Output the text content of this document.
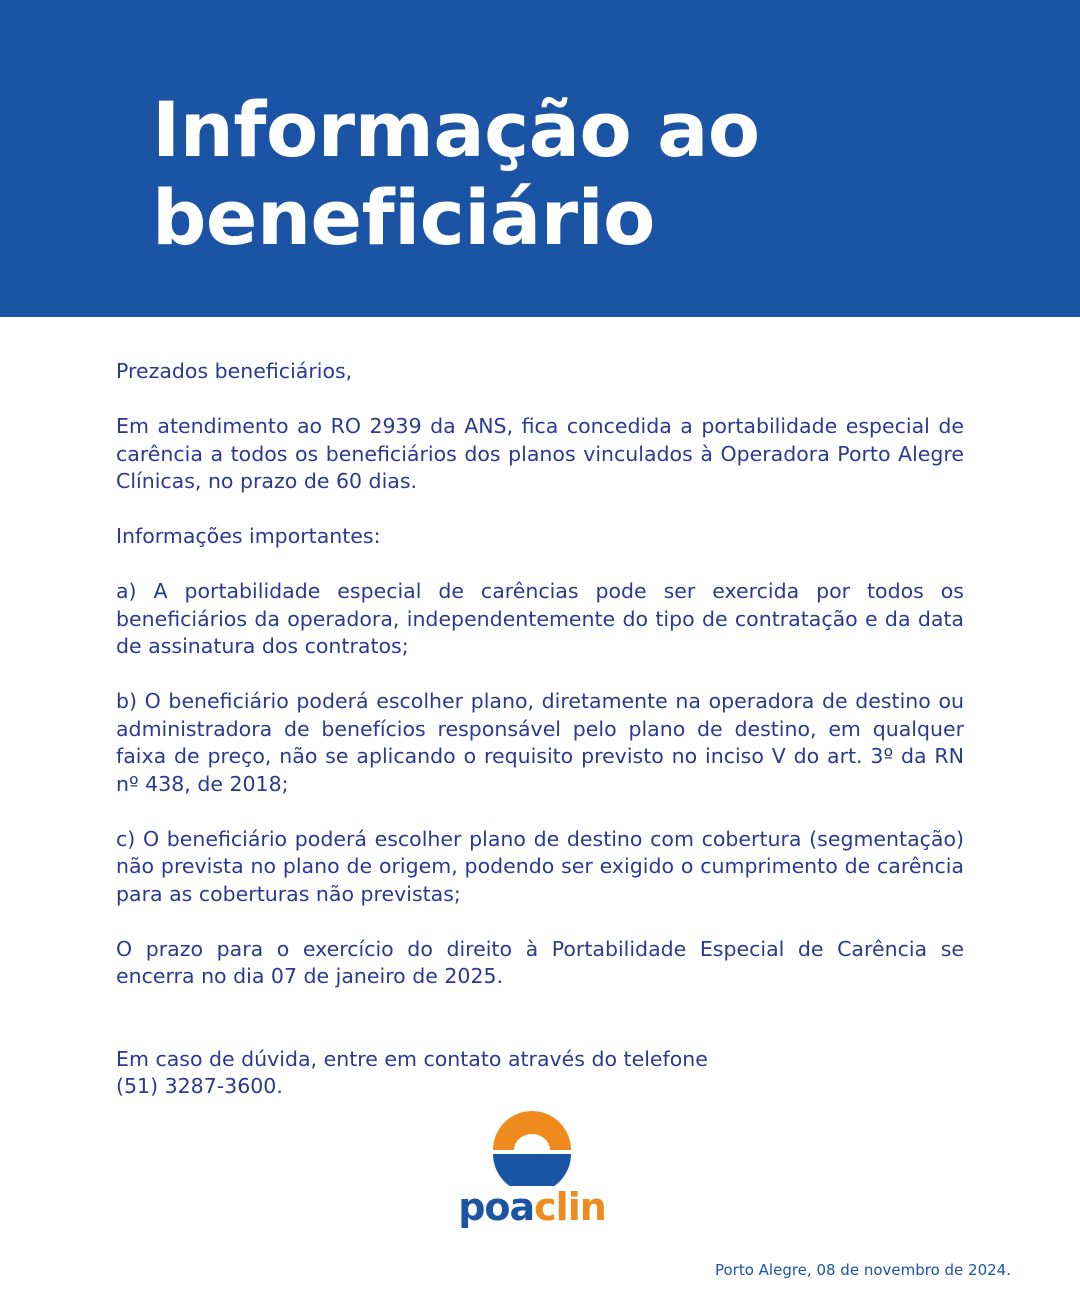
Informação ao
beneficiário

Prezados beneficiários,

Em atendimento ao RO 2939 da ANS, fica concedida a portabilidade especial de carência a todos os beneficiários dos planos vinculados à Operadora Porto Alegre Clínicas, no prazo de 60 dias.

Informações importantes:

a) A portabilidade especial de carências pode ser exercida por todos os beneficiários da operadora, independentemente do tipo de contratação e da data de assinatura dos contratos;

b) O beneficiário poderá escolher plano, diretamente na operadora de destino ou administradora de benefícios responsável pelo plano de destino, em qualquer faixa de preço, não se aplicando o requisito previsto no inciso V do art. 3º da RN nº 438, de 2018;

c) O beneficiário poderá escolher plano de destino com cobertura (segmentação) não prevista no plano de origem, podendo ser exigido o cumprimento de carência para as coberturas não previstas;

O prazo para o exercício do direito à Portabilidade Especial de Carência se encerra no dia 07 de janeiro de 2025.

Em caso de dúvida, entre em contato através do telefone
(51) 3287-3600.

poaclin
Porto Alegre, 08 de novembro de 2024.
